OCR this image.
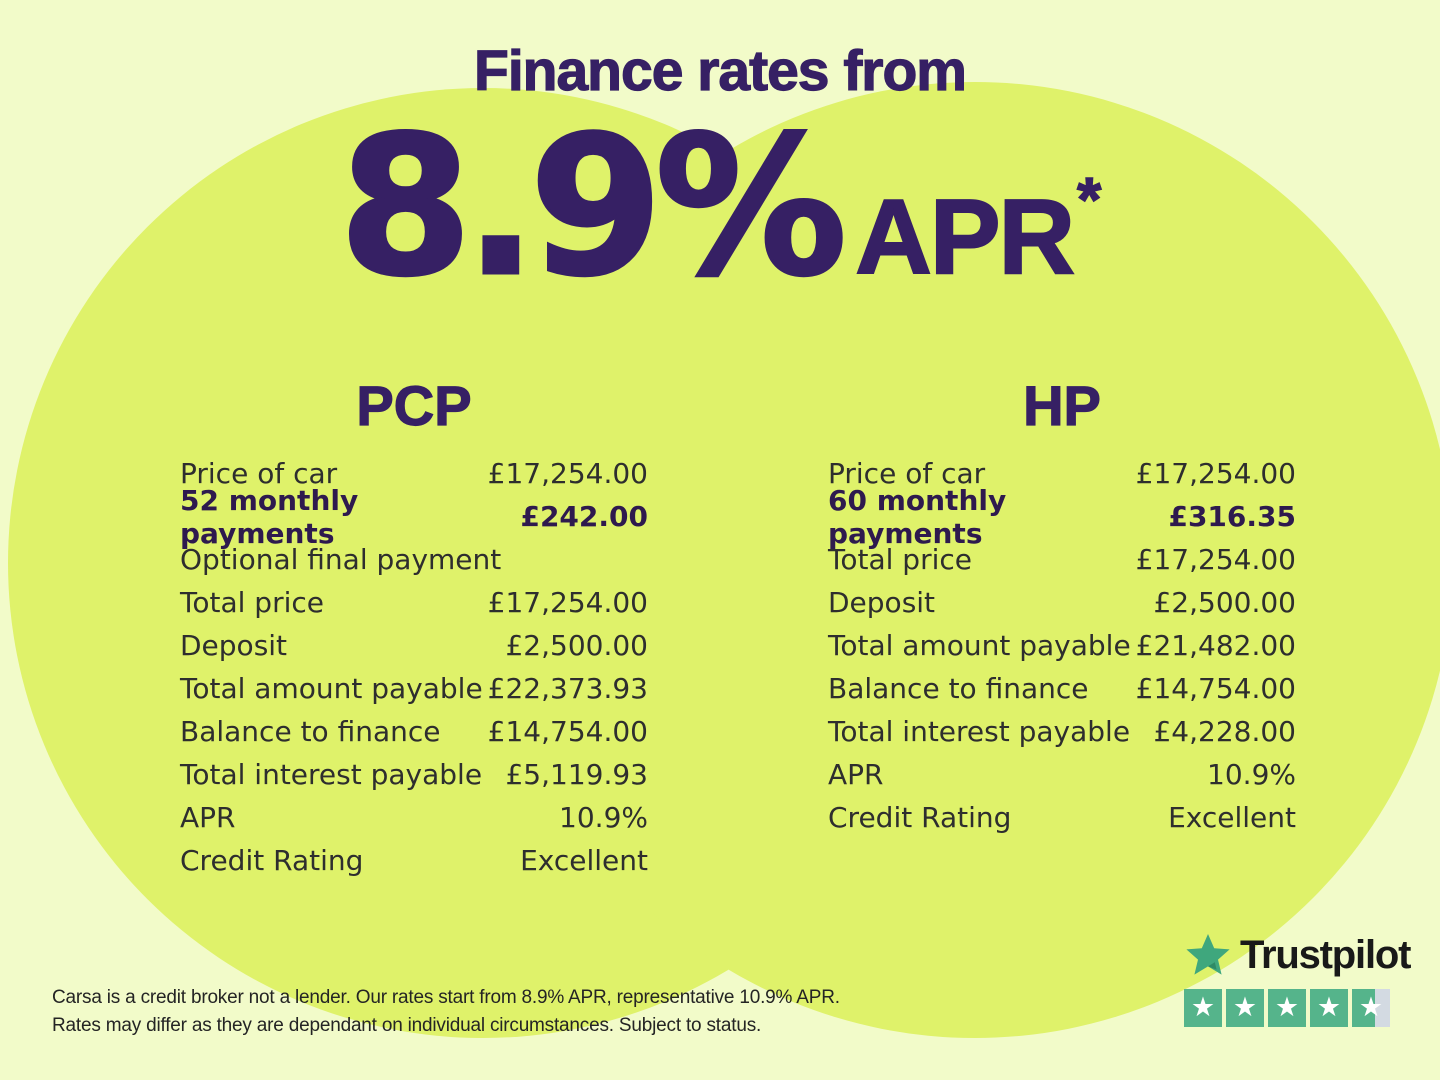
Finance rates from
8.9% APR *
PCP
Price of car	£17,254.00
52 monthly payments	£242.00
Optional final payment
Total price	£17,254.00
Deposit	£2,500.00
Total amount payable £22,373.93
Balance to finance £14,754.00
Total interest payable £5,119.93
APR	10.9%
Credit Rating	Excellent
HP
Price of car	£17,254.00
60 monthly payments	£316.35
Total price	£17,254.00
Deposit	£2,500.00
Total amount payable £21,482.00
Balance to finance £14,754.00
Total interest payable £4,228.00
APR	10.9%
Credit Rating	Excellent
Carsa is a credit broker not a lender. Our rates start from 8.9% APR, representative 10.9% APR.
Rates may differ as they are dependant on individual circumstances. Subject to status.
Trustpilot
★ ★ ★ ★ ★
